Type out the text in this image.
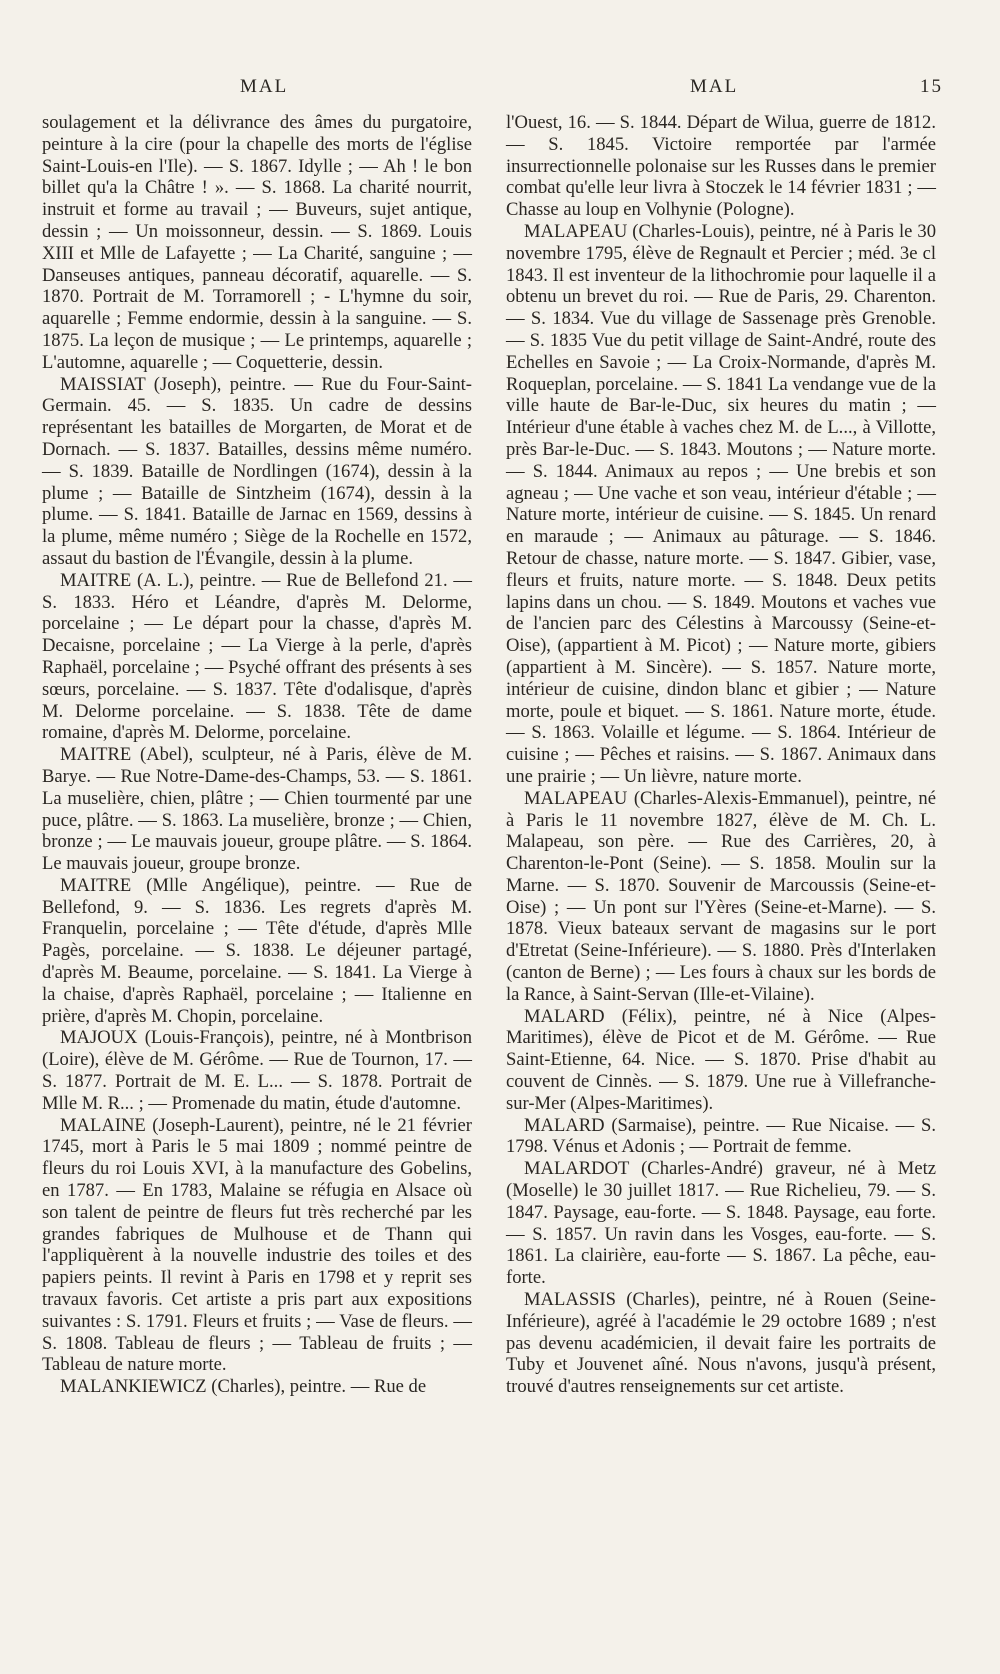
MAL	MAL	15

soulagement et la délivrance des âmes du purgatoire, peinture à la cire (pour la chapelle des morts de l'église Saint-Louis-en l'Ile). — S. 1867. Idylle ; — Ah ! le bon billet qu'a la Châtre ! ». — S. 1868. La charité nourrit, instruit et forme au travail ; — Buveurs, sujet antique, dessin ; — Un moissonneur, dessin. — S. 1869. Louis XIII et Mlle de Lafayette ; — La Charité, sanguine ; — Danseuses antiques, panneau décoratif, aquarelle. — S. 1870. Portrait de M. Torramorell ; - L'hymne du soir, aquarelle ; Femme endormie, dessin à la sanguine. — S. 1875. La leçon de musique ; — Le printemps, aquarelle ; L'automne, aquarelle ; — Coquetterie, dessin.

MAISSIAT (Joseph), peintre. — Rue du Four-Saint-Germain. 45. — S. 1835. Un cadre de dessins représentant les batailles de Morgarten, de Morat et de Dornach. — S. 1837. Batailles, dessins même numéro. — S. 1839. Bataille de Nordlingen (1674), dessin à la plume ; — Bataille de Sintzheim (1674), dessin à la plume. — S. 1841. Bataille de Jarnac en 1569, dessins à la plume, même numéro ; Siège de la Rochelle en 1572, assaut du bastion de l'Évangile, dessin à la plume.

MAITRE (A. L.), peintre. — Rue de Bellefond 21. — S. 1833. Héro et Léandre, d'après M. Delorme, porcelaine ; — Le départ pour la chasse, d'après M. Decaisne, porcelaine ; — La Vierge à la perle, d'après Raphaël, porcelaine ; — Psyché offrant des présents à ses sœurs, porcelaine. — S. 1837. Tête d'odalisque, d'après M. Delorme porcelaine. — S. 1838. Tête de dame romaine, d'après M. Delorme, porcelaine.

MAITRE (Abel), sculpteur, né à Paris, élève de M. Barye. — Rue Notre-Dame-des-Champs, 53. — S. 1861. La muselière, chien, plâtre ; — Chien tourmenté par une puce, plâtre. — S. 1863. La muselière, bronze ; — Chien, bronze ; — Le mauvais joueur, groupe plâtre. — S. 1864. Le mauvais joueur, groupe bronze.

MAITRE (Mlle Angélique), peintre. — Rue de Bellefond, 9. — S. 1836. Les regrets d'après M. Franquelin, porcelaine ; — Tête d'étude, d'après Mlle Pagès, porcelaine. — S. 1838. Le déjeuner partagé, d'après M. Beaume, porcelaine. — S. 1841. La Vierge à la chaise, d'après Raphaël, porcelaine ; — Italienne en prière, d'après M. Chopin, porcelaine.

MAJOUX (Louis-François), peintre, né à Montbrison (Loire), élève de M. Gérôme. — Rue de Tournon, 17. — S. 1877. Portrait de M. E. L... — S. 1878. Portrait de Mlle M. R... ; — Promenade du matin, étude d'automne.

MALAINE (Joseph-Laurent), peintre, né le 21 février 1745, mort à Paris le 5 mai 1809 ; nommé peintre de fleurs du roi Louis XVI, à la manufacture des Gobelins, en 1787. — En 1783, Malaine se réfugia en Alsace où son talent de peintre de fleurs fut très recherché par les grandes fabriques de Mulhouse et de Thann qui l'appliquèrent à la nouvelle industrie des toiles et des papiers peints. Il revint à Paris en 1798 et y reprit ses travaux favoris. Cet artiste a pris part aux expositions suivantes : S. 1791. Fleurs et fruits ; — Vase de fleurs. — S. 1808. Tableau de fleurs ; — Tableau de fruits ; — Tableau de nature morte.

MALANKIEWICZ (Charles), peintre. — Rue de

l'Ouest, 16. — S. 1844. Départ de Wilua, guerre de 1812. — S. 1845. Victoire remportée par l'armée insurrectionnelle polonaise sur les Russes dans le premier combat qu'elle leur livra à Stoczek le 14 février 1831 ; — Chasse au loup en Volhynie (Pologne).

MALAPEAU (Charles-Louis), peintre, né à Paris le 30 novembre 1795, élève de Regnault et Percier ; méd. 3e cl 1843. Il est inventeur de la lithochromie pour laquelle il a obtenu un brevet du roi. — Rue de Paris, 29. Charenton. — S. 1834. Vue du village de Sassenage près Grenoble. — S. 1835 Vue du petit village de Saint-André, route des Echelles en Savoie ; — La Croix-Normande, d'après M. Roqueplan, porcelaine. — S. 1841 La vendange vue de la ville haute de Bar-le-Duc, six heures du matin ; — Intérieur d'une étable à vaches chez M. de L..., à Villotte, près Bar-le-Duc. — S. 1843. Moutons ; — Nature morte. — S. 1844. Animaux au repos ; — Une brebis et son agneau ; — Une vache et son veau, intérieur d'étable ; — Nature morte, intérieur de cuisine. — S. 1845. Un renard en maraude ; — Animaux au pâturage. — S. 1846. Retour de chasse, nature morte. — S. 1847. Gibier, vase, fleurs et fruits, nature morte. — S. 1848. Deux petits lapins dans un chou. — S. 1849. Moutons et vaches vue de l'ancien parc des Célestins à Marcoussy (Seine-et-Oise), (appartient à M. Picot) ; — Nature morte, gibiers (appartient à M. Sincère). — S. 1857. Nature morte, intérieur de cuisine, dindon blanc et gibier ; — Nature morte, poule et biquet. — S. 1861. Nature morte, étude. — S. 1863. Volaille et légume. — S. 1864. Intérieur de cuisine ; — Pêches et raisins. — S. 1867. Animaux dans une prairie ; — Un lièvre, nature morte.

MALAPEAU (Charles-Alexis-Emmanuel), peintre, né à Paris le 11 novembre 1827, élève de M. Ch. L. Malapeau, son père. — Rue des Carrières, 20, à Charenton-le-Pont (Seine). — S. 1858. Moulin sur la Marne. — S. 1870. Souvenir de Marcoussis (Seine-et-Oise) ; — Un pont sur l'Yères (Seine-et-Marne). — S. 1878. Vieux bateaux servant de magasins sur le port d'Etretat (Seine-Inférieure). — S. 1880. Près d'Interlaken (canton de Berne) ; — Les fours à chaux sur les bords de la Rance, à Saint-Servan (Ille-et-Vilaine).

MALARD (Félix), peintre, né à Nice (Alpes-Maritimes), élève de Picot et de M. Gérôme. — Rue Saint-Etienne, 64. Nice. — S. 1870. Prise d'habit au couvent de Cinnès. — S. 1879. Une rue à Villefranche-sur-Mer (Alpes-Maritimes).

MALARD (Sarmaise), peintre. — Rue Nicaise. — S. 1798. Vénus et Adonis ; — Portrait de femme.

MALARDOT (Charles-André) graveur, né à Metz (Moselle) le 30 juillet 1817. — Rue Richelieu, 79. — S. 1847. Paysage, eau-forte. — S. 1848. Paysage, eau forte. — S. 1857. Un ravin dans les Vosges, eau-forte. — S. 1861. La clairière, eau-forte — S. 1867. La pêche, eau-forte.

MALASSIS (Charles), peintre, né à Rouen (Seine-Inférieure), agréé à l'académie le 29 octobre 1689 ; n'est pas devenu académicien, il devait faire les portraits de Tuby et Jouvenet aîné. Nous n'avons, jusqu'à présent, trouvé d'autres renseignements sur cet artiste.
